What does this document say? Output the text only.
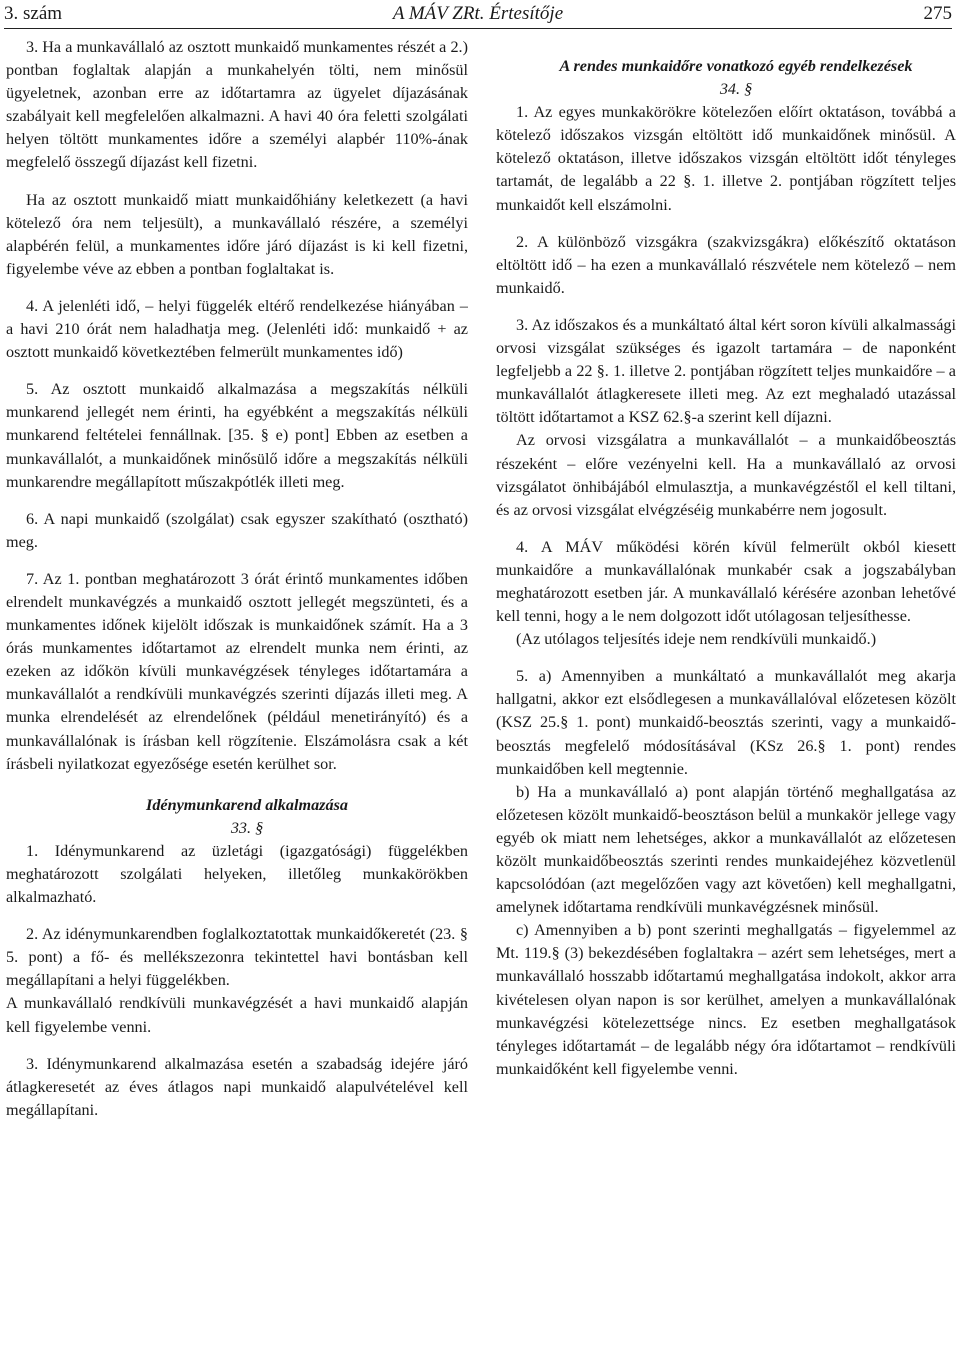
3. szám	A MÁV ZRt. Értesítője	275

3. Ha a munkavállaló az osztott munkaidő munkamentes részét a 2.) pontban foglaltak alapján a munkahelyén tölti, nem minősül ügyeletnek, azonban erre az időtartamra az ügyelet díjazásának szabályait kell megfelelően alkalmazni. A havi 40 óra feletti szolgálati helyen töltött munkamentes időre a személyi alapbér 110%-ának megfelelő összegű díjazást kell fizetni.

Ha az osztott munkaidő miatt munkaidőhiány keletkezett (a havi kötelező óra nem teljesült), a munkavállaló részére, a személyi alapbérén felül, a munkamentes időre járó díjazást is ki kell fizetni, figyelembe véve az ebben a pontban foglaltakat is.

4. A jelenléti idő, – helyi függelék eltérő rendelkezése hiányában – a havi 210 órát nem haladhatja meg. (Jelenléti idő: munkaidő + az osztott munkaidő következtében felmerült munkamentes idő)

5. Az osztott munkaidő alkalmazása a megszakítás nélküli munkarend jellegét nem érinti, ha egyébként a megszakítás nélküli munkarend feltételei fennállnak. [35. § e) pont] Ebben az esetben a munkavállalót, a munkaidőnek minősülő időre a megszakítás nélküli munkarendre megállapított műszakpótlék illeti meg.

6. A napi munkaidő (szolgálat) csak egyszer szakítható (osztható) meg.

7. Az 1. pontban meghatározott 3 órát érintő munkamentes időben elrendelt munkavégzés a munkaidő osztott jellegét megszünteti, és a munkamentes időnek kijelölt időszak is munkaidőnek számít. Ha a 3 órás munkamentes időtartamot az elrendelt munka nem érinti, az ezeken az időkön kívüli munkavégzések tényleges időtartamára a munkavállalót a rendkívüli munkavégzés szerinti díjazás illeti meg. A munka elrendelését az elrendelőnek (például menetirányító) és a munkavállalónak is írásban kell rögzítenie. Elszámolásra csak a két írásbeli nyilatkozat egyezősége esetén kerülhet sor.

Idénymunkarend alkalmazása

33. §

1. Idénymunkarend az üzletági (igazgatósági) függelékben meghatározott szolgálati helyeken, illetőleg munkakörökben alkalmazható.

2. Az idénymunkarendben foglalkoztatottak munkaidőkeretét (23. § 5. pont) a fő- és mellékszezonra tekintettel havi bontásban kell megállapítani a helyi függelékben.

A munkavállaló rendkívüli munkavégzését a havi munkaidő alapján kell figyelembe venni.

3. Idénymunkarend alkalmazása esetén a szabadság idejére járó átlagkeresetét az éves átlagos napi munkaidő alapulvételével kell megállapítani.

A rendes munkaidőre vonatkozó egyéb rendelkezések

34. §

1. Az egyes munkakörökre kötelezően előírt oktatáson, továbbá a kötelező időszakos vizsgán eltöltött idő munkaidőnek minősül. A kötelező oktatáson, illetve időszakos vizsgán eltöltött időt tényleges tartamát, de legalább a 22 §. 1. illetve 2. pontjában rögzített teljes munkaidőt kell elszámolni.

2. A különböző vizsgákra (szakvizsgákra) előkészítő oktatáson eltöltött idő – ha ezen a munkavállaló részvétele nem kötelező – nem munkaidő.

3. Az időszakos és a munkáltató által kért soron kívüli alkalmassági orvosi vizsgálat szükséges és igazolt tartamára – de naponként legfeljebb a 22 §. 1. illetve 2. pontjában rögzített teljes munkaidőre – a munkavállalót átlagkeresete illeti meg. Az ezt meghaladó utazással töltött időtartamot a KSZ 62.§-a szerint kell díjazni.

Az orvosi vizsgálatra a munkavállalót – a munkaidőbeosztás részeként – előre vezényelni kell. Ha a munkavállaló az orvosi vizsgálatot önhibájából elmulasztja, a munkavégzéstől el kell tiltani, és az orvosi vizsgálat elvégzéséig munkabérre nem jogosult.

4. A MÁV működési körén kívül felmerült okból kiesett munkaidőre a munkavállalónak munkabér csak a jogszabályban meghatározott esetben jár. A munkavállaló kérésére azonban lehetővé kell tenni, hogy a le nem dolgozott időt utólagosan teljesíthesse.

(Az utólagos teljesítés ideje nem rendkívüli munkaidő.)

5. a) Amennyiben a munkáltató a munkavállalót meg akarja hallgatni, akkor ezt elsődlegesen a munkavállalóval előzetesen közölt (KSZ 25.§ 1. pont) munkaidő-beosztás szerinti, vagy a munkaidő-beosztás megfelelő módosításával (KSz 26.§ 1. pont) rendes munkaidőben kell megtennie.

b) Ha a munkavállaló a) pont alapján történő meghallgatása az előzetesen közölt munkaidő-beosztáson belül a munkakör jellege vagy egyéb ok miatt nem lehetséges, akkor a munkavállalót az előzetesen közölt munkaidőbeosztás szerinti rendes munkaidejéhez közvetlenül kapcsolódóan (azt megelőzően vagy azt követően) kell meghallgatni, amelynek időtartama rendkívüli munkavégzésnek minősül.

c) Amennyiben a b) pont szerinti meghallgatás – figyelemmel az Mt. 119.§ (3) bekezdésében foglaltakra – azért sem lehetséges, mert a munkavállaló hosszabb időtartamú meghallgatása indokolt, akkor arra kivételesen olyan napon is sor kerülhet, amelyen a munkavállalónak munkavégzési kötelezettsége nincs. Ez esetben meghallgatások tényleges időtartamát – de legalább négy óra időtartamot – rendkívüli munkaidőként kell figyelembe venni.
